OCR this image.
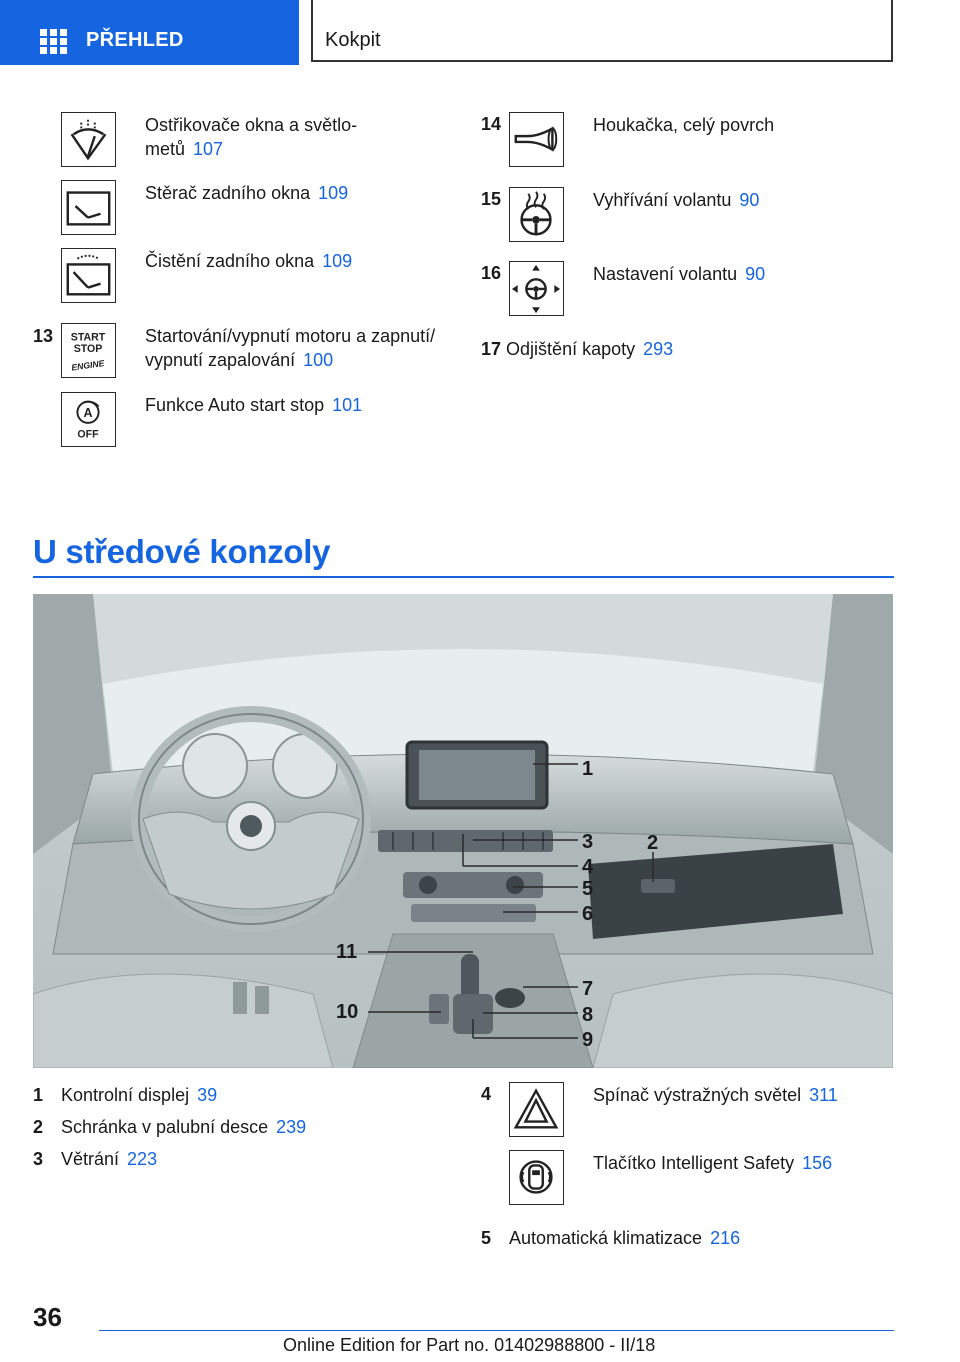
PŘEHLED	Kokpit
Ostřikovače okna a světlo-
metů 107
Stěrač zadního okna 109
Čistění zadního okna 109
13 START
STOP
ENGINE
Startování/vypnutí motoru a zapnutí/
vypnutí zapalování 100
A
OFF
Funkce Auto start stop 101
14	Houkačka, celý povrch
15	Vyhřívání volantu 90
16	Nastavení volantu 90
17 Odjištění kapoty 293
U středové konzoly
1
2
3
4
5
6
7
8
9
10
11
1 Kontrolní displej 39
2 Schránka v palubní desce 239
3 Větrání 223
4	Spínač výstražných světel 311
Tlačítko Intelligent Safety 156
5 Automatická klimatizace 216
36
Online Edition for Part no. 01402988800 - II/18
